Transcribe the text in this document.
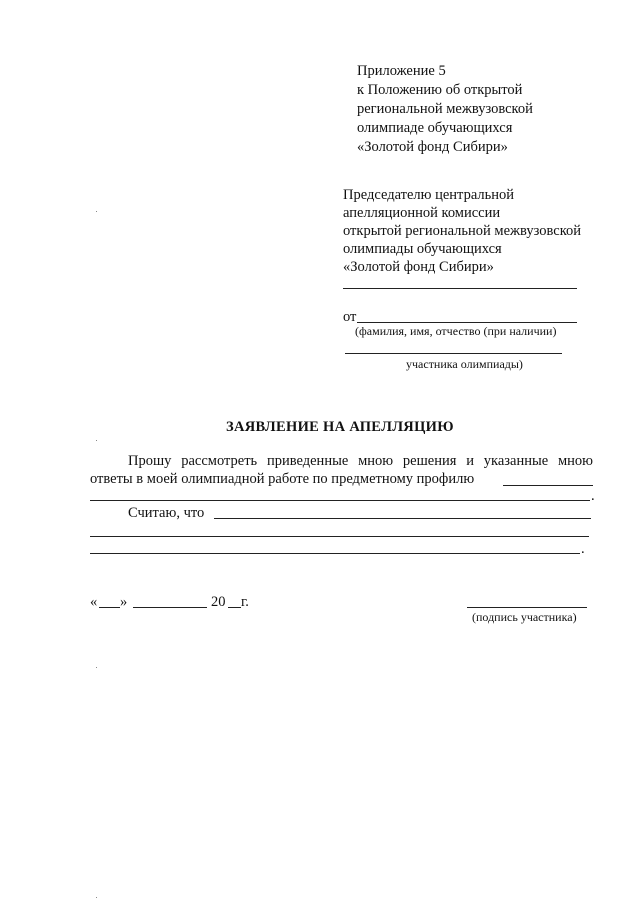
Приложение 5
к Положению об открытой
региональной межвузовской
олимпиаде обучающихся
«Золотой фонд Сибири»
Председателю центральной
апелляционной комиссии
открытой региональной межвузовской
олимпиады обучающихся
«Золотой фонд Сибири»
от
(фамилия, имя, отчество (при наличии)
участника олимпиады)
ЗАЯВЛЕНИЕ НА АПЕЛЛЯЦИЮ
Прошу рассмотреть приведенные мною решения и указанные мною
ответы в моей олимпиадной работе по предметному профилю
.
Считаю, что
.
« »	20 г.
(подпись участника)
